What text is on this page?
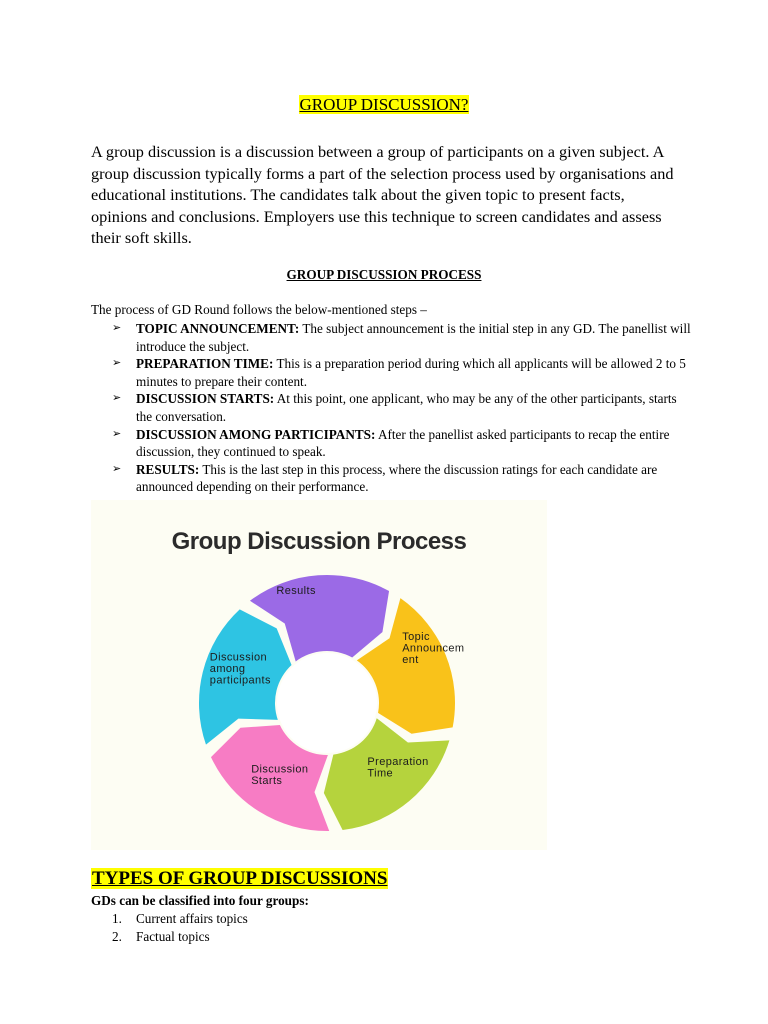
GROUP DISCUSSION?

A group discussion is a discussion between a group of participants on a given subject. A group discussion typically forms a part of the selection process used by organisations and educational institutions. The candidates talk about the given topic to present facts, opinions and conclusions. Employers use this technique to screen candidates and assess their soft skills.

GROUP DISCUSSION PROCESS

The process of GD Round follows the below-mentioned steps –

➢ TOPIC ANNOUNCEMENT: The subject announcement is the initial step in any GD. The panellist will introduce the subject.
➢ PREPARATION TIME: This is a preparation period during which all applicants will be allowed 2 to 5 minutes to prepare their content.
➢ DISCUSSION STARTS: At this point, one applicant, who may be any of the other participants, starts the conversation.
➢ DISCUSSION AMONG PARTICIPANTS: After the panellist asked participants to recap the entire discussion, they continued to speak.
➢ RESULTS: This is the last step in this process, where the discussion ratings for each candidate are announced depending on their performance.
Group Discussion Process
Topic Announcem ent
Preparation Time
Discussion Starts
Discussion among participants
Results
TYPES OF GROUP DISCUSSIONS

GDs can be classified into four groups:

1. Current affairs topics
2. Factual topics
